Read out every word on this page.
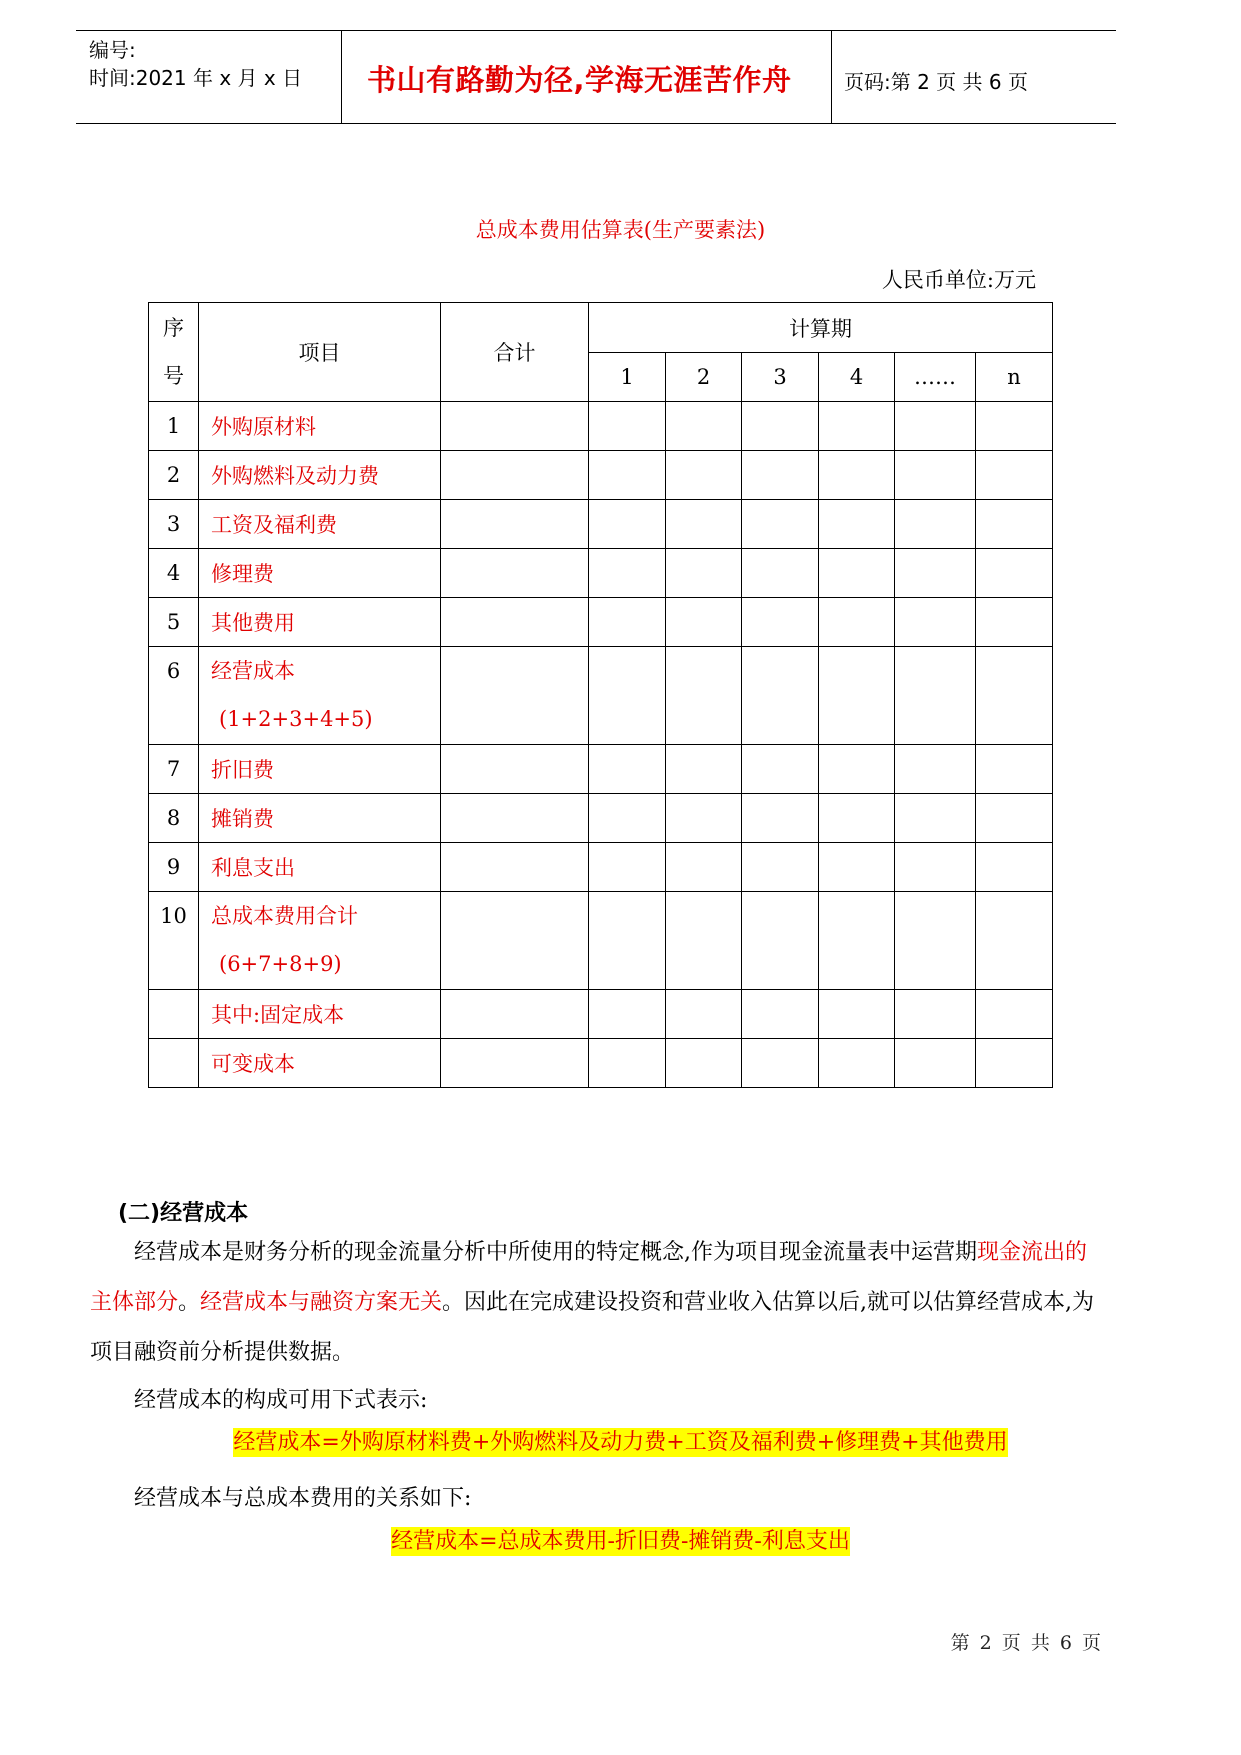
编号:
时间:2021 年 x 月 x 日 书山有路勤为径,学海无涯苦作舟	页码:第 2 页 共 6 页
总成本费用估算表(生产要素法)
人民币单位:万元
序
号	项目	合计	计算期					
			1	2	3	4	……	n
1	外购原材料							

2	外购燃料及动力费							

3	工资及福利费							

4	修理费							

5	其他费用							

6	经营成本
(1+2+3+4+5)							

7	折旧费							

8	摊销费							

9	利息支出							

10	总成本费用合计
(6+7+8+9)							

	其中:固定成本							

	可变成本							

(二)经营成本
经营成本是财务分析的现金流量分析中所使用的特定概念,作为项目现金流量表中运营期现金流出的主体部分。经营成本与融资方案无关。因此在完成建设投资和营业收入估算以后,就可以估算经营成本,为项目融资前分析提供数据。
经营成本的构成可用下式表示:
经营成本=外购原材料费+外购燃料及动力费+工资及福利费+修理费+其他费用
经营成本与总成本费用的关系如下:
经营成本=总成本费用-折旧费-摊销费-利息支出
第 2 页 共 6 页
